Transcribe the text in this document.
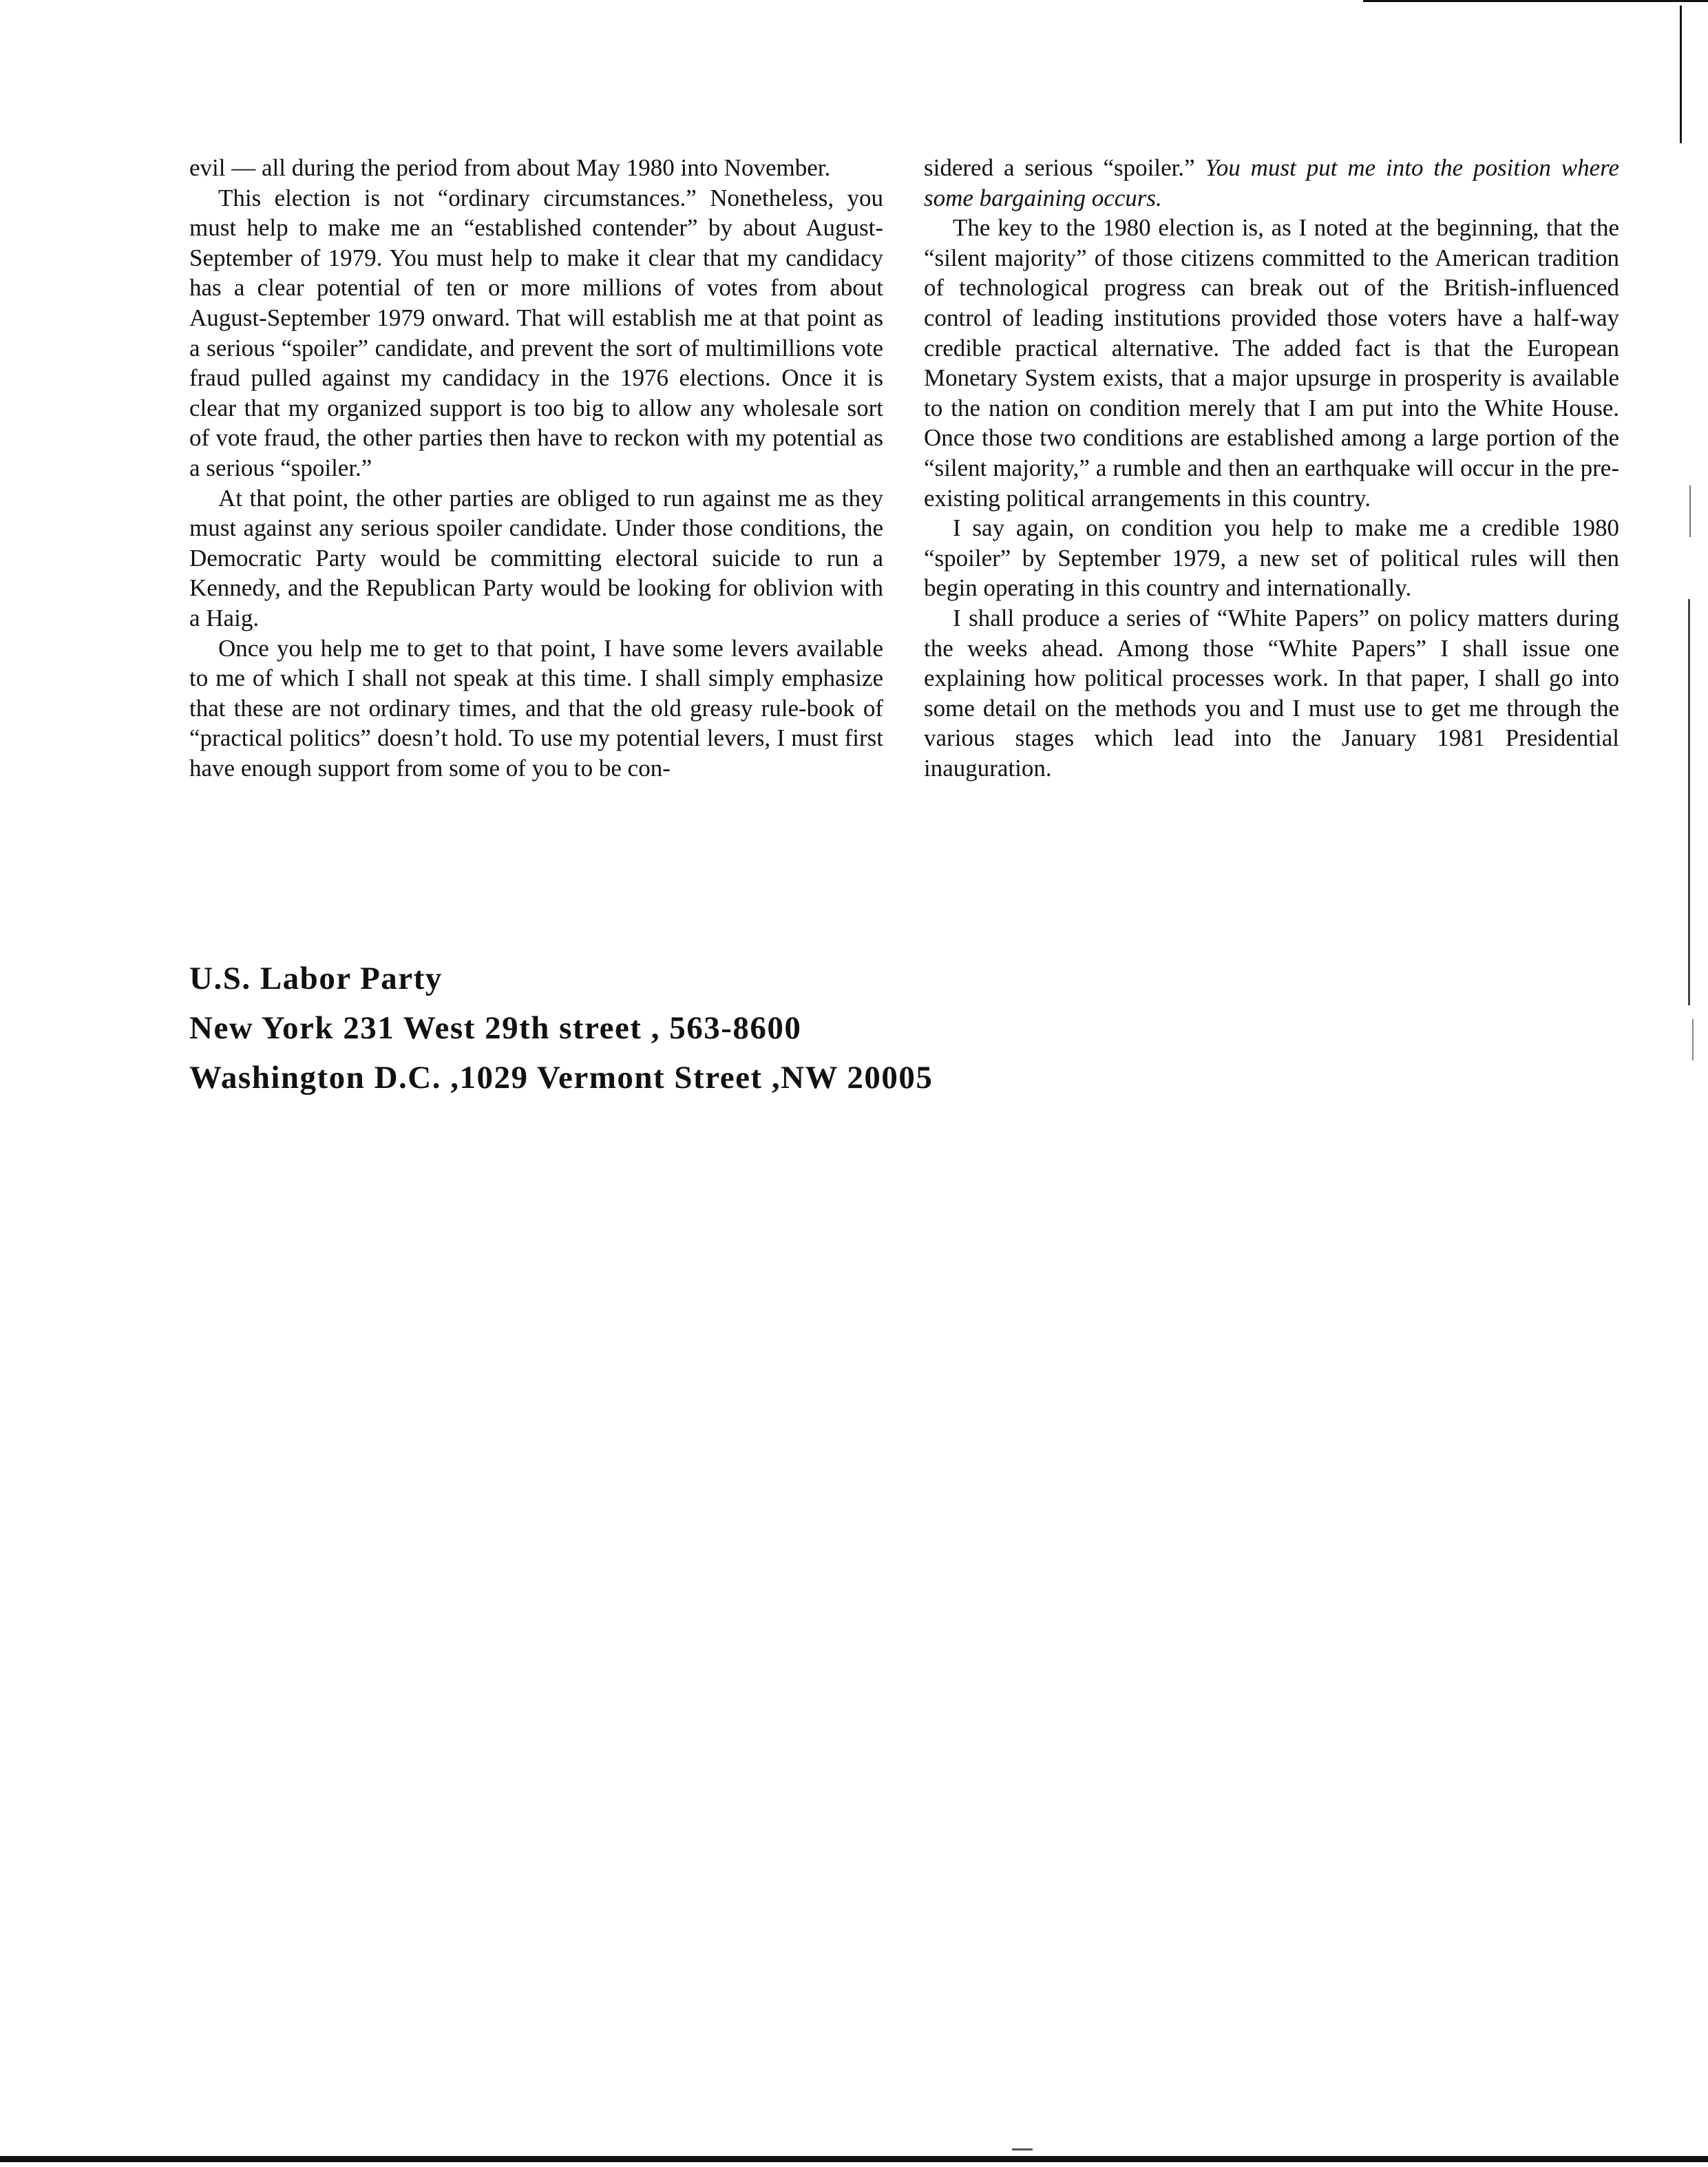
evil — all during the period from about May 1980 into November.

This election is not “ordinary circumstances.” Nonetheless, you must help to make me an “established contender” by about August-September of 1979. You must help to make it clear that my candidacy has a clear potential of ten or more millions of votes from about August-September 1979 onward. That will establish me at that point as a serious “spoiler” candidate, and prevent the sort of multimillions vote fraud pulled against my candidacy in the 1976 elections. Once it is clear that my organized support is too big to allow any wholesale sort of vote fraud, the other parties then have to reckon with my potential as a serious “spoiler.”

At that point, the other parties are obliged to run against me as they must against any serious spoiler candidate. Under those conditions, the Democratic Party would be committing electoral suicide to run a Kennedy, and the Republican Party would be looking for oblivion with a Haig.

Once you help me to get to that point, I have some levers available to me of which I shall not speak at this time. I shall simply emphasize that these are not ordinary times, and that the old greasy rule-book of “practical politics” doesn’t hold. To use my potential levers, I must first have enough support from some of you to be con-

sidered a serious “spoiler.” You must put me into the position where some bargaining occurs.

The key to the 1980 election is, as I noted at the beginning, that the “silent majority” of those citizens committed to the American tradition of technological progress can break out of the British-influenced control of leading institutions provided those voters have a half-way credible practical alternative. The added fact is that the European Monetary System exists, that a major upsurge in prosperity is available to the nation on condition merely that I am put into the White House. Once those two conditions are established among a large portion of the “silent majority,” a rumble and then an earthquake will occur in the pre-existing political arrangements in this country.

I say again, on condition you help to make me a credible 1980 “spoiler” by September 1979, a new set of political rules will then begin operating in this country and internationally.

I shall produce a series of “White Papers” on policy matters during the weeks ahead. Among those “White Papers” I shall issue one explaining how political processes work. In that paper, I shall go into some detail on the methods you and I must use to get me through the various stages which lead into the January 1981 Presidential inauguration.

U.S. Labor Party
New York 231 West 29th street , 563-8600
Washington D.C. ,1029 Vermont Street ,NW 20005
